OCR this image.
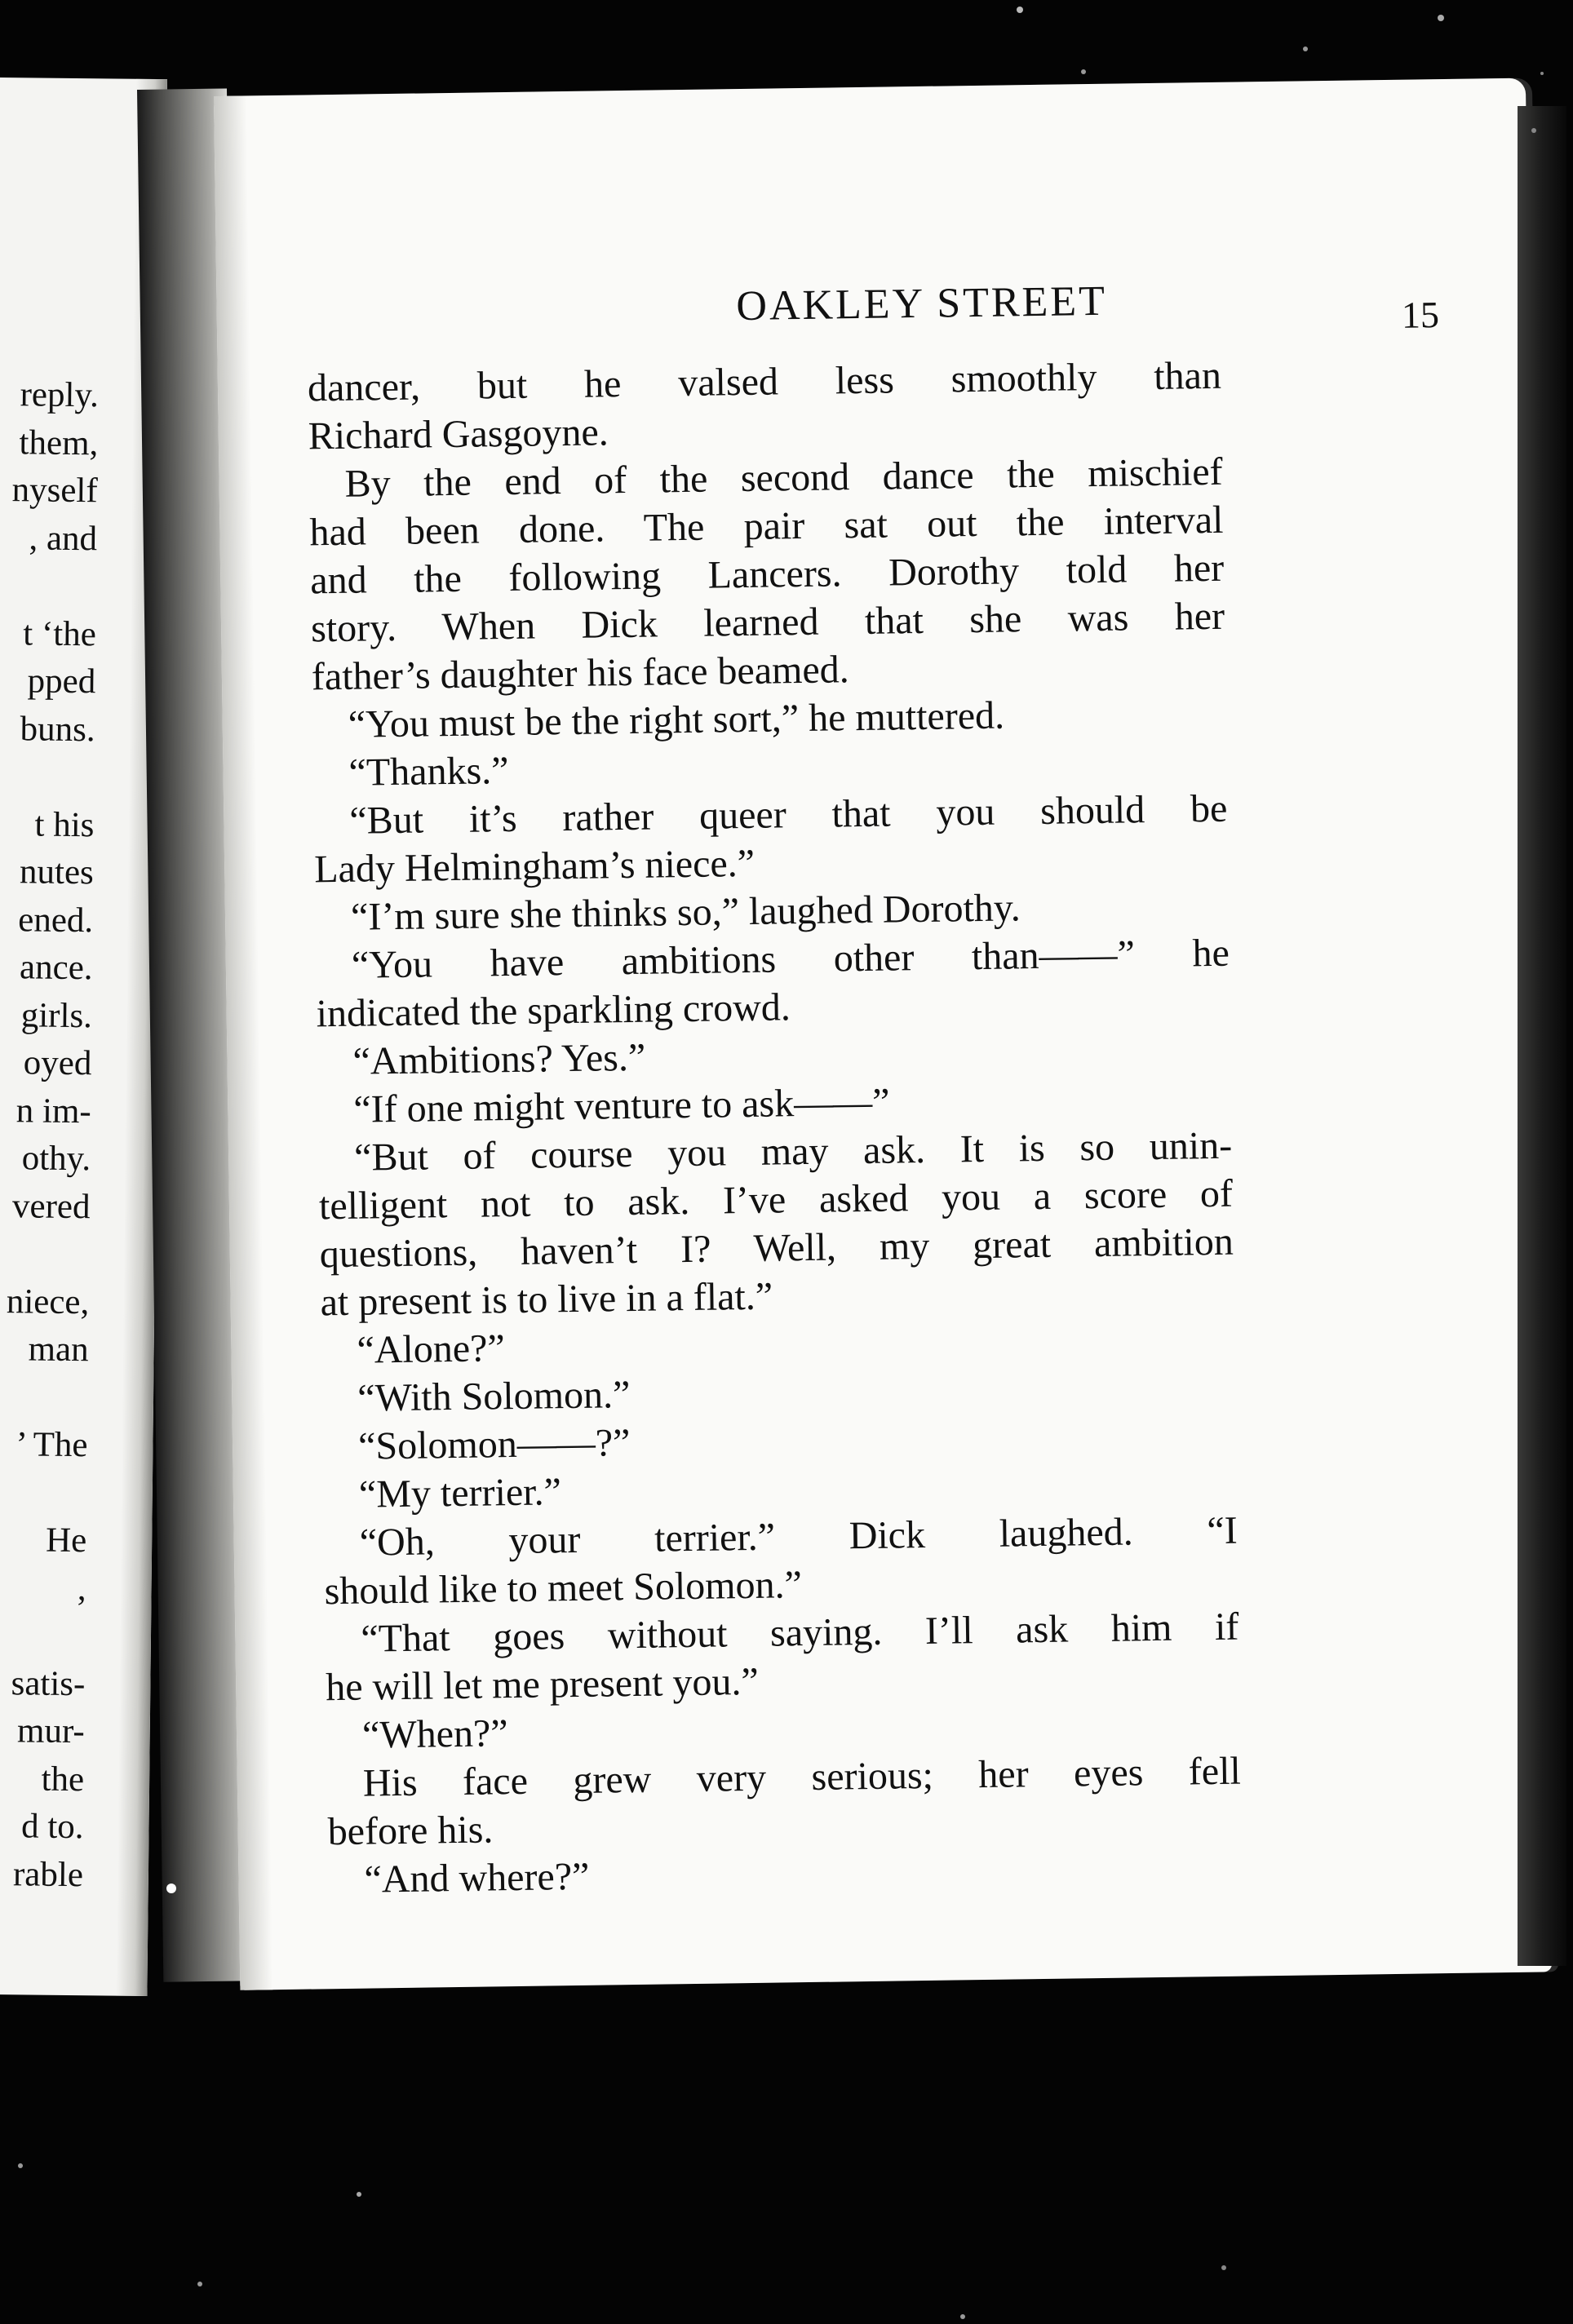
reply.
them,
nyself
, and
t ‘the
pped
buns.
t his
nutes
ened.
ance.
girls.
oyed
n im-
othy.
vered
niece,
man
’ The
He
,
satis-
mur-
the
d to.
rable
OAKLEY STREET	15
dancer, but he valsed less smoothly than
Richard Gasgoyne.
By the end of the second dance the mischief
had been done. The pair sat out the interval
and the following Lancers. Dorothy told her
story. When Dick learned that she was her
father’s daughter his face beamed.
“You must be the right sort,” he muttered.
“Thanks.”
“But it’s rather queer that you should be
Lady Helmingham’s niece.”
“I’m sure she thinks so,” laughed Dorothy.
“You have ambitions other than——” he
indicated the sparkling crowd.
“Ambitions? Yes.”
“If one might venture to ask——”
“But of course you may ask. It is so unin-
telligent not to ask. I’ve asked you a score of
questions, haven’t I? Well, my great ambition
at present is to live in a flat.”
“Alone?”
“With Solomon.”
“Solomon——?”
“My terrier.”
“Oh, your terrier.” Dick laughed. “I
should like to meet Solomon.”
“That goes without saying. I’ll ask him if
he will let me present you.”
“When?”
His face grew very serious; her eyes fell
before his.
“And where?”
